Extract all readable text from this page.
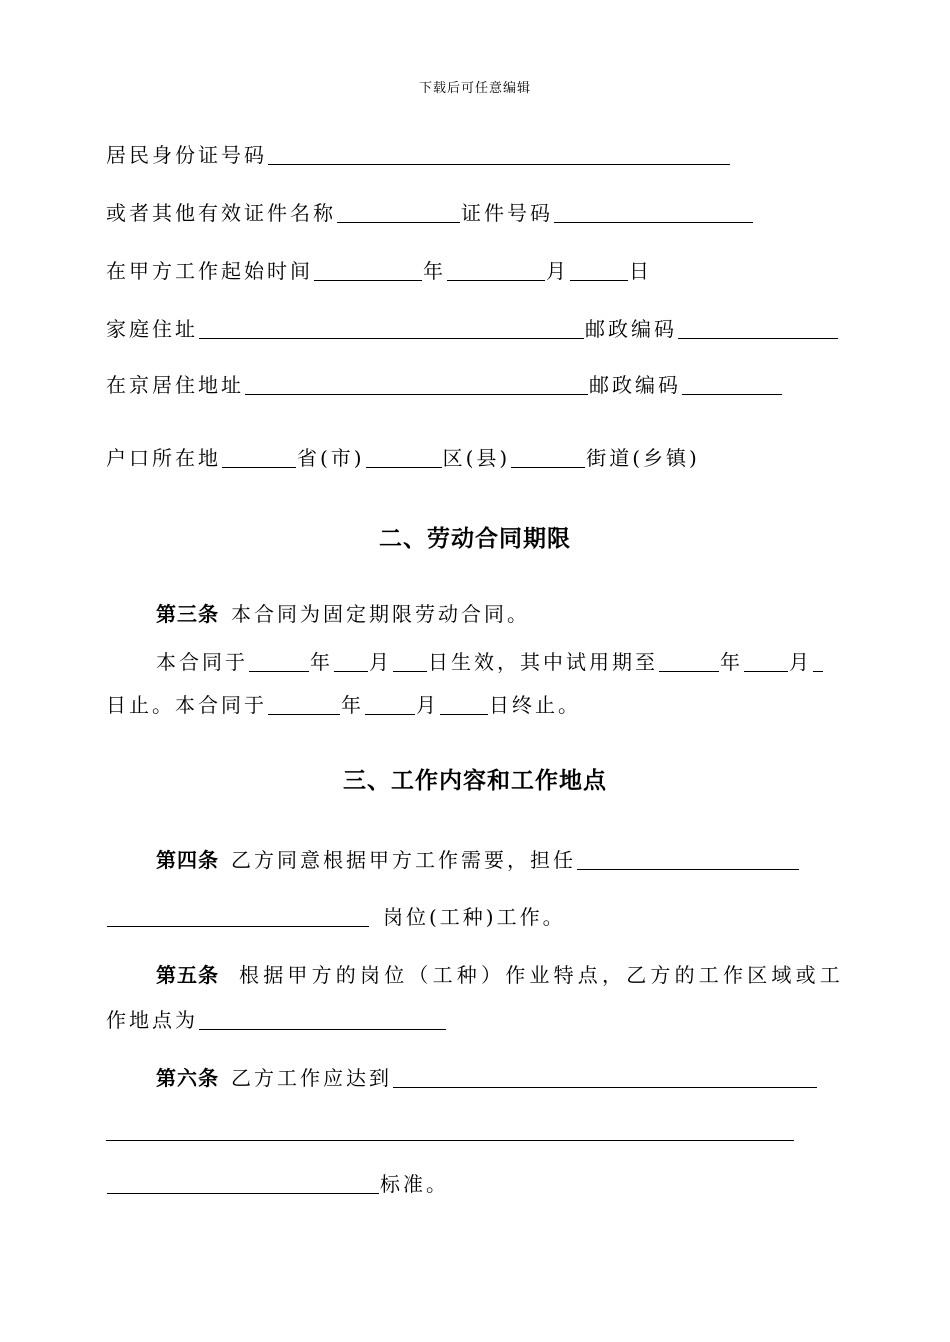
下载后可任意编辑
居民身份证号码
或者其他有效证件名称	证件号码
在甲方工作起始时间	年	月	日
家庭住址	邮政编码
在京居住地址	邮政编码
户口所在地	省(市)	区(县)	街道(乡镇)
二、劳动合同期限
第三条 本合同为固定期限劳动合同。
本合同于	年 月 日生效，其中试用期至	年 月
日止。本合同于	年	月	日终止。
三、工作内容和工作地点
第四条 乙方同意根据甲方工作需要，担任
岗位(工种)工作。
第五条 根据甲方的岗位（工种）作业特点，乙方的工作区域或工
作地点为
第六条 乙方工作应达到
标准。
